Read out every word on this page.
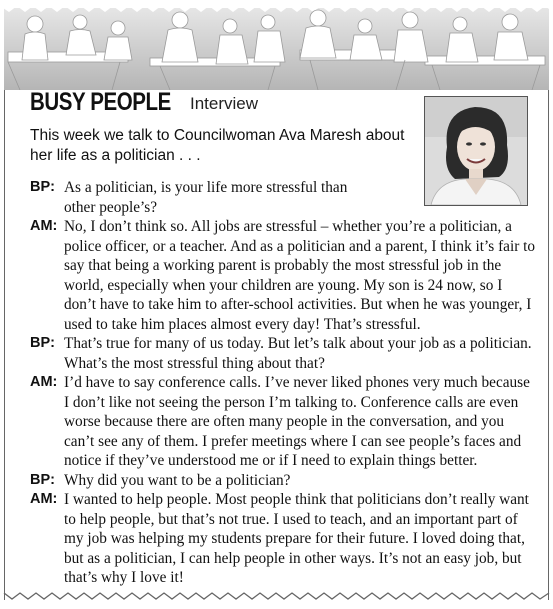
BUSY PEOPLE Interview
This week we talk to Councilwoman Ava Maresh about her life as a politician . . .
BP: As a politician, is your life more stressful than other people’s?
AM: No, I don’t think so. All jobs are stressful – whether you’re a politician, a police officer, or a teacher. And as a politician and a parent, I think it’s fair to say that being a working parent is probably the most stressful job in the world, especially when your children are young. My son is 24 now, so I don’t have to take him to after-school activities. But when he was younger, I used to take him places almost every day! That’s stressful.
BP: That’s true for many of us today. But let’s talk about your job as a politician. What’s the most stressful thing about that?
AM: I’d have to say conference calls. I’ve never liked phones very much because I don’t like not seeing the person I’m talking to. Conference calls are even worse because there are often many people in the conversation, and you can’t see any of them. I prefer meetings where I can see people’s faces and notice if they’ve understood me or if I need to explain things better.
BP: Why did you want to be a politician?
AM: I wanted to help people. Most people think that politicians don’t really want to help people, but that’s not true. I used to teach, and an important part of my job was helping my students prepare for their future. I loved doing that, but as a politician, I can help people in other ways. It’s not an easy job, but that’s why I love it!
